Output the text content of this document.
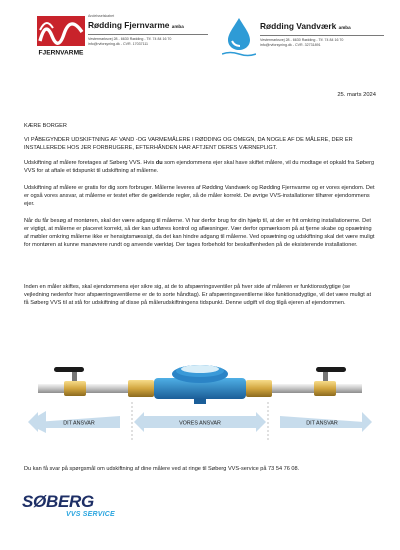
FJERNVARME
Andelsselskabet
Rødding Fjernvarme amba
Vestermarksvej 28 - 6630 Rødding - Tlf. 74 84 16 70
info@rvforsyning.dk - CVR. 17037111
Rødding Vandværk amba
Vestermarksvej 28 - 6630 Rødding - Tlf. 74 84 16 70
info@rvforsyning.dk - CVR. 32731891
25. marts 2024
KÆRE BORGER
VI PÅBEGYNDER UDSKIFTNING AF VAND -OG VARMEMÅLERE I RØDDING OG OMEGN, DA NOGLE AF DE MÅLERE, DER ER INSTALLEREDE HOS JER FORBRUGERE, EFTERHÅNDEN HAR AFTJENT DERES VÆRNEPLIGT.
Udskiftning af målere foretages af Søberg VVS. Hvis du som ejendommens ejer skal have skiftet målere, vil du modtage et opkald fra Søberg VVS for at aftale et tidspunkt til udskiftning af målerne.
Udskiftning af målere er gratis for dig som forbruger. Målerne leveres af Rødding Vandværk og Rødding Fjernvarme og er vores ejendom. Det er også vores ansvar, at målerne er testet efter de gældende regler, så de måler korrekt. De øvrige VVS-installationer tilhører ejendommens ejer.
Når du får besøg af montøren, skal der være adgang til målerne. Vi har derfor brug for din hjælp til, at der er frit omkring installationerne. Det er vigtigt, at målerne er placeret korrekt, så der kan udføres kontrol og aflæsninger. Vær derfor opmærksom på at fjerne skabe og opsætning af møbler omkring målerne ikke er hensigtsmæssigt, da det kan hindre adgang til målerne. Ved opsætning og udskiftning skal det være muligt for montøren at kunne manøvrere rundt og anvende værktøj. Der tages forbehold for beskaffenheden på de eksisterende installationer.
Inden en måler skiftes, skal ejendommens ejer sikre sig, at de to afspærringsventiler på hver side af måleren er funktionsdygtige (se vejledning nedenfor hvor afspærringsventilerne er de to sorte håndtag). Er afspærringsventilerne ikke funktionsdygtige, vil det være muligt at få Søberg VVS til at stå for udskiftning af disse på målerudskiftningens tidspunkt. Denne udgift vil dog tilgå ejeren af ejendommen.
DIT ANSVAR	VORES ANSVAR	DIT ANSVAR
Du kan få svar på spørgsmål om udskiftning af dine målere ved at ringe til Søberg VVS-service på 73 54 76 08.
SØBERG
VVS SERVICE
